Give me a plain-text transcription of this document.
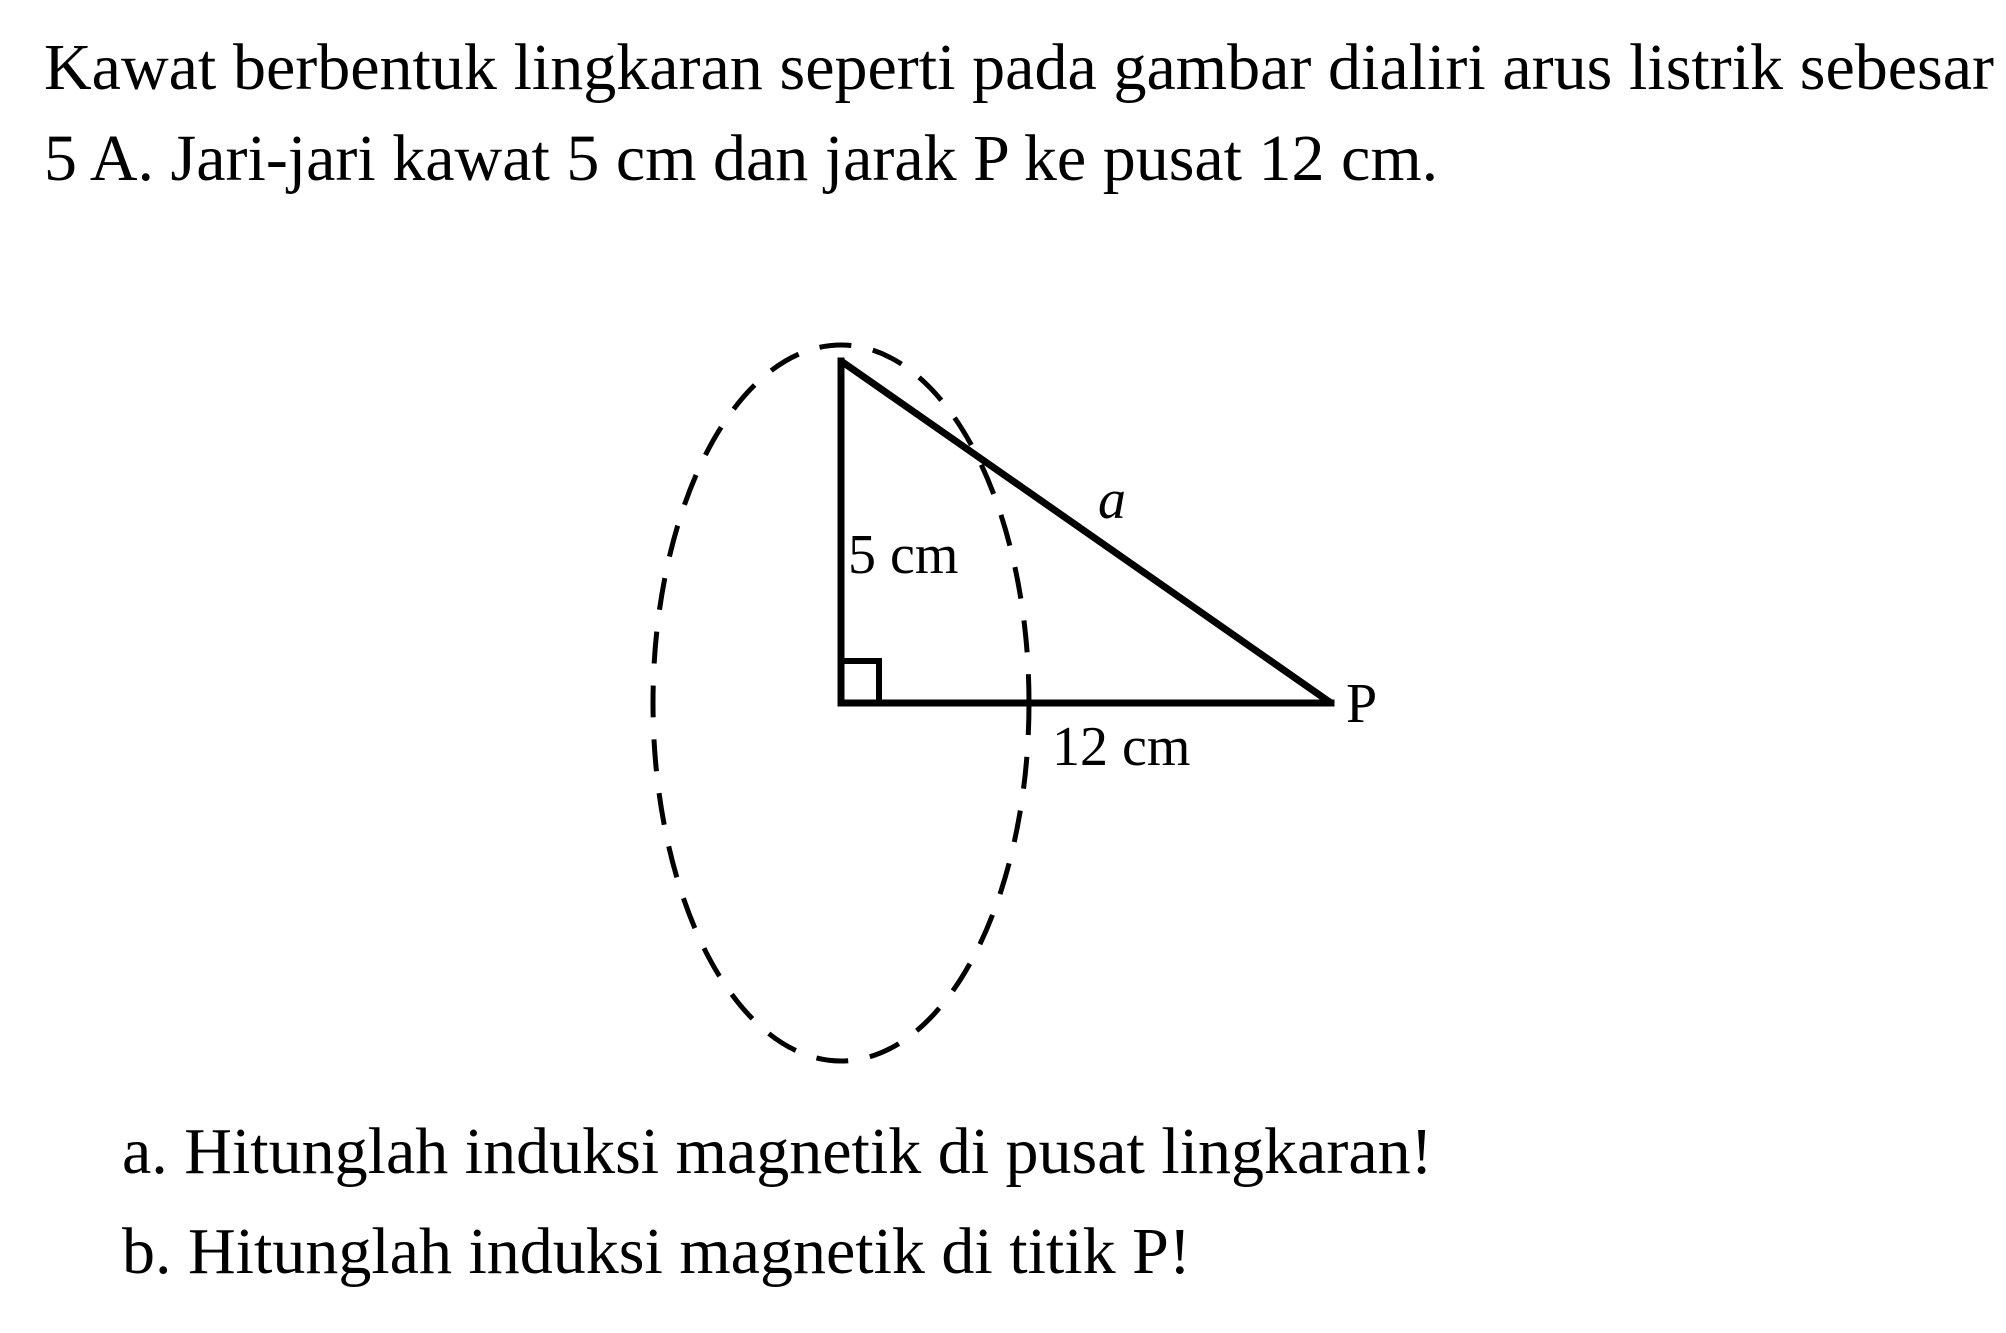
Kawat berbentuk lingkaran seperti pada gambar dialiri arus listrik sebesar 5 A. Jari-jari kawat 5 cm dan jarak P ke pusat 12 cm.
5 cm
12 cm
a
P
a. Hitunglah induksi magnetik di pusat lingkaran!
b. Hitunglah induksi magnetik di titik P!
